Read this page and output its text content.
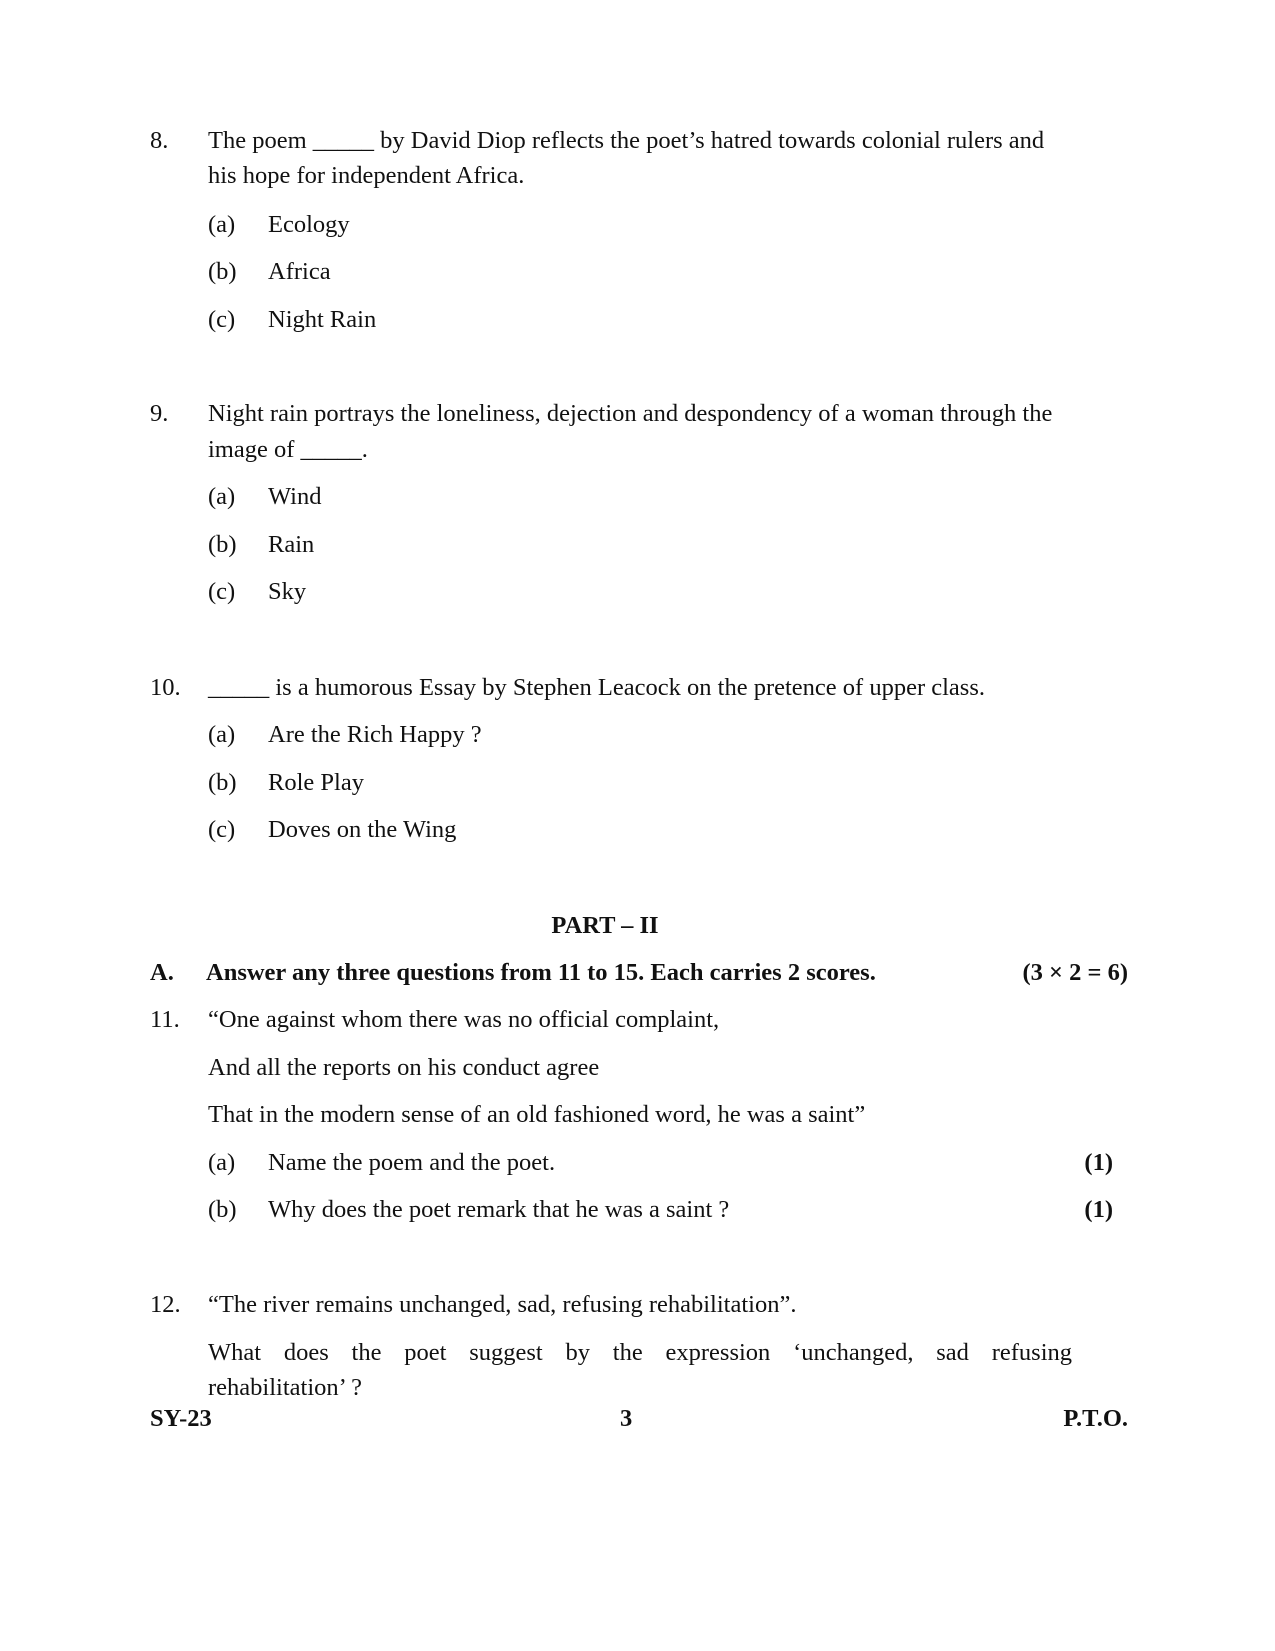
8. The poem _____ by David Diop reflects the poet’s hatred towards colonial rulers and
his hope for independent Africa.
(a) Ecology
(b) Africa
(c) Night Rain
9. Night rain portrays the loneliness, dejection and despondency of a woman through the
image of _____.
(a) Wind
(b) Rain
(c) Sky
10. _____ is a humorous Essay by Stephen Leacock on the pretence of upper class.
(a) Are the Rich Happy ?
(b) Role Play
(c) Doves on the Wing
PART – II
A. Answer any three questions from 11 to 15. Each carries 2 scores.	(3 × 2 = 6)
11. “One against whom there was no official complaint,
And all the reports on his conduct agree
That in the modern sense of an old fashioned word, he was a saint”
(a) Name the poem and the poet.	(1)
(b) Why does the poet remark that he was a saint ?	(1)
12. “The river remains unchanged, sad, refusing rehabilitation”.
What does the poet suggest by the expression ‘unchanged, sad refusing
rehabilitation’ ?
SY-23	3	P.T.O.
